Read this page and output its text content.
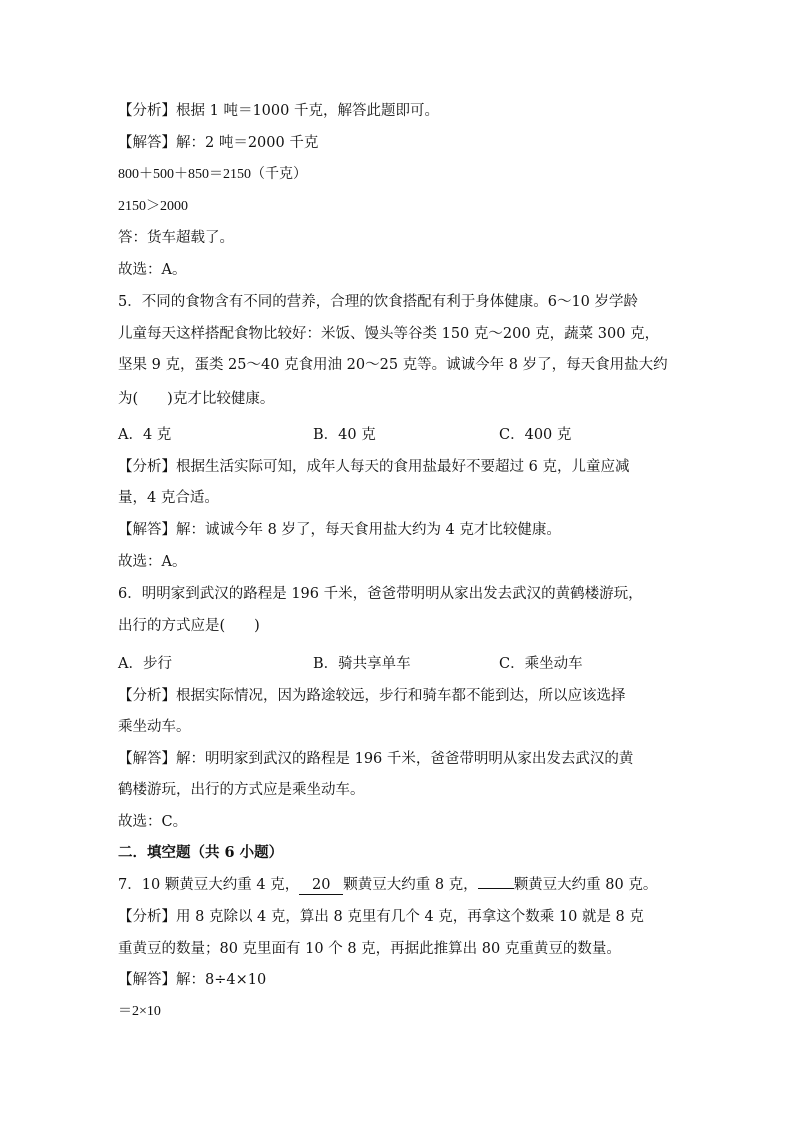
【分析】根据 1 吨＝1000 千克，解答此题即可。
【解答】解：2 吨＝2000 千克
800＋500＋850＝2150（千克）
2150＞2000
答：货车超载了。
故选：A。
5．不同的食物含有不同的营养，合理的饮食搭配有利于身体健康。6～10 岁学龄
儿童每天这样搭配食物比较好：米饭、馒头等谷类 150 克～200 克，蔬菜 300 克，
坚果 9 克，蛋类 25～40 克食用油 20～25 克等。诚诚今年 8 岁了，每天食用盐大约
为(　　)克才比较健康。
A．4 克	B．40 克	C．400 克
【分析】根据生活实际可知，成年人每天的食用盐最好不要超过 6 克，儿童应减
量，4 克合适。
【解答】解：诚诚今年 8 岁了，每天食用盐大约为 4 克才比较健康。
故选：A。
6．明明家到武汉的路程是 196 千米，爸爸带明明从家出发去武汉的黄鹤楼游玩，
出行的方式应是(　　)
A．步行	B．骑共享单车	C．乘坐动车
【分析】根据实际情况，因为路途较远，步行和骑车都不能到达，所以应该选择
乘坐动车。
【解答】解：明明家到武汉的路程是 196 千米，爸爸带明明从家出发去武汉的黄
鹤楼游玩，出行的方式应是乘坐动车。
故选：C。
二．填空题（共 6 小题）
7．10 颗黄豆大约重 4 克， 20 颗黄豆大约重 8 克， 颗黄豆大约重 80 克。
【分析】用 8 克除以 4 克，算出 8 克里有几个 4 克，再拿这个数乘 10 就是 8 克
重黄豆的数量；80 克里面有 10 个 8 克，再据此推算出 80 克重黄豆的数量。
【解答】解：8÷4×10
＝2×10
